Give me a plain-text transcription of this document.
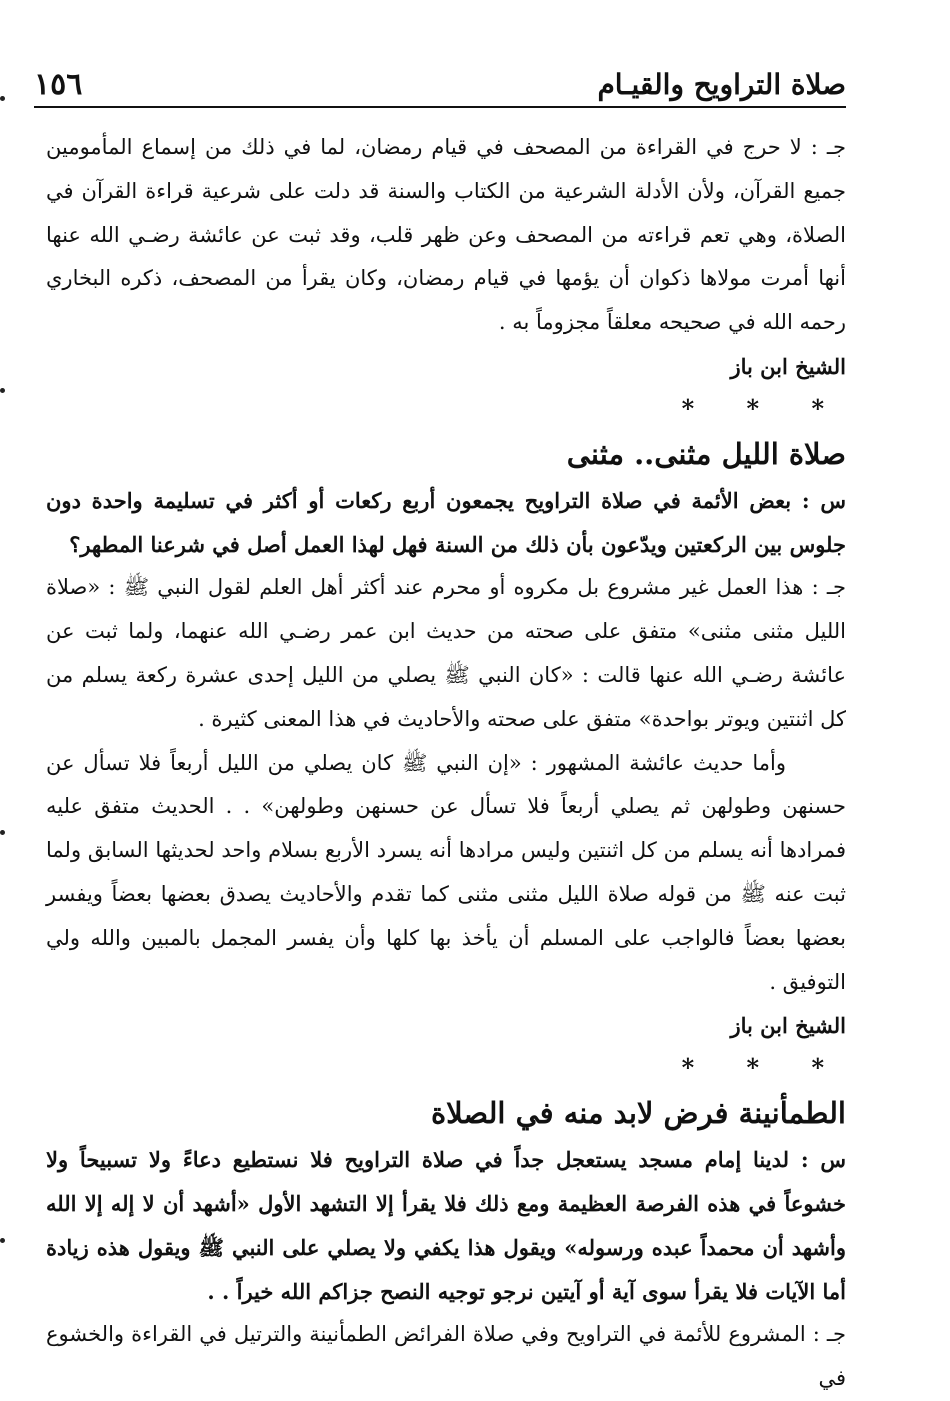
صلاة التراويح والقيـام
١٥٦

جـ : لا حرج في القراءة من المصحف في قيام رمضان، لما في ذلك من إسماع المأمومين جميع القرآن، ولأن الأدلة الشرعية من الكتاب والسنة قد دلت على شرعية قراءة القرآن في الصلاة، وهي تعم قراءته من المصحف وعن ظهر قلب، وقد ثبت عن عائشة رضـي الله عنها أنها أمرت مولاها ذكوان أن يؤمها في قيام رمضان، وكان يقرأ من المصحف، ذكره البخاري رحمه الله في صحيحه معلقاً مجزوماً به .

الشيخ ابن باز

* * *

صلاة الليل مثنى.. مثنى

س : بعض الأئمة في صلاة التراويح يجمعون أربع ركعات أو أكثر في تسليمة واحدة دون جلوس بين الركعتين ويدّعون بأن ذلك من السنة فهل لهذا العمل أصل في شرعنا المطهر؟

جـ : هذا العمل غير مشروع بل مكروه أو محرم عند أكثر أهل العلم لقول النبي ﷺ : «صلاة الليل مثنى مثنى» متفق على صحته من حديث ابن عمر رضـي الله عنهما، ولما ثبت عن عائشة رضـي الله عنها قالت : «كان النبي ﷺ يصلي من الليل إحدى عشرة ركعة يسلم من كل اثنتين ويوتر بواحدة» متفق على صحته والأحاديث في هذا المعنى كثيرة .

وأما حديث عائشة المشهور : «إن النبي ﷺ كان يصلي من الليل أربعاً فلا تسأل عن حسنهن وطولهن ثم يصلي أربعاً فلا تسأل عن حسنهن وطولهن» . . الحديث متفق عليه فمرادها أنه يسلم من كل اثنتين وليس مرادها أنه يسرد الأربع بسلام واحد لحديثها السابق ولما ثبت عنه ﷺ من قوله صلاة الليل مثنى مثنى كما تقدم والأحاديث يصدق بعضها بعضاً ويفسر بعضها بعضاً فالواجب على المسلم أن يأخذ بها كلها وأن يفسر المجمل بالمبين والله ولي التوفيق .

الشيخ ابن باز

* * *

الطمأنينة فرض لابد منه في الصلاة

س : لدينا إمام مسجد يستعجل جداً في صلاة التراويح فلا نستطيع دعاءً ولا تسبيحاً ولا خشوعاً في هذه الفرصة العظيمة ومع ذلك فلا يقرأ إلا التشهد الأول «أشهد أن لا إله إلا الله وأشهد أن محمداً عبده ورسوله» ويقول هذا يكفي ولا يصلي على النبي ﷺ ويقول هذه زيادة أما الآيات فلا يقرأ سوى آية أو آيتين نرجو توجيه النصح جزاكم الله خيراً . .

جـ : المشروع للأئمة في التراويح وفي صلاة الفرائض الطمأنينة والترتيل في القراءة والخشوع في
